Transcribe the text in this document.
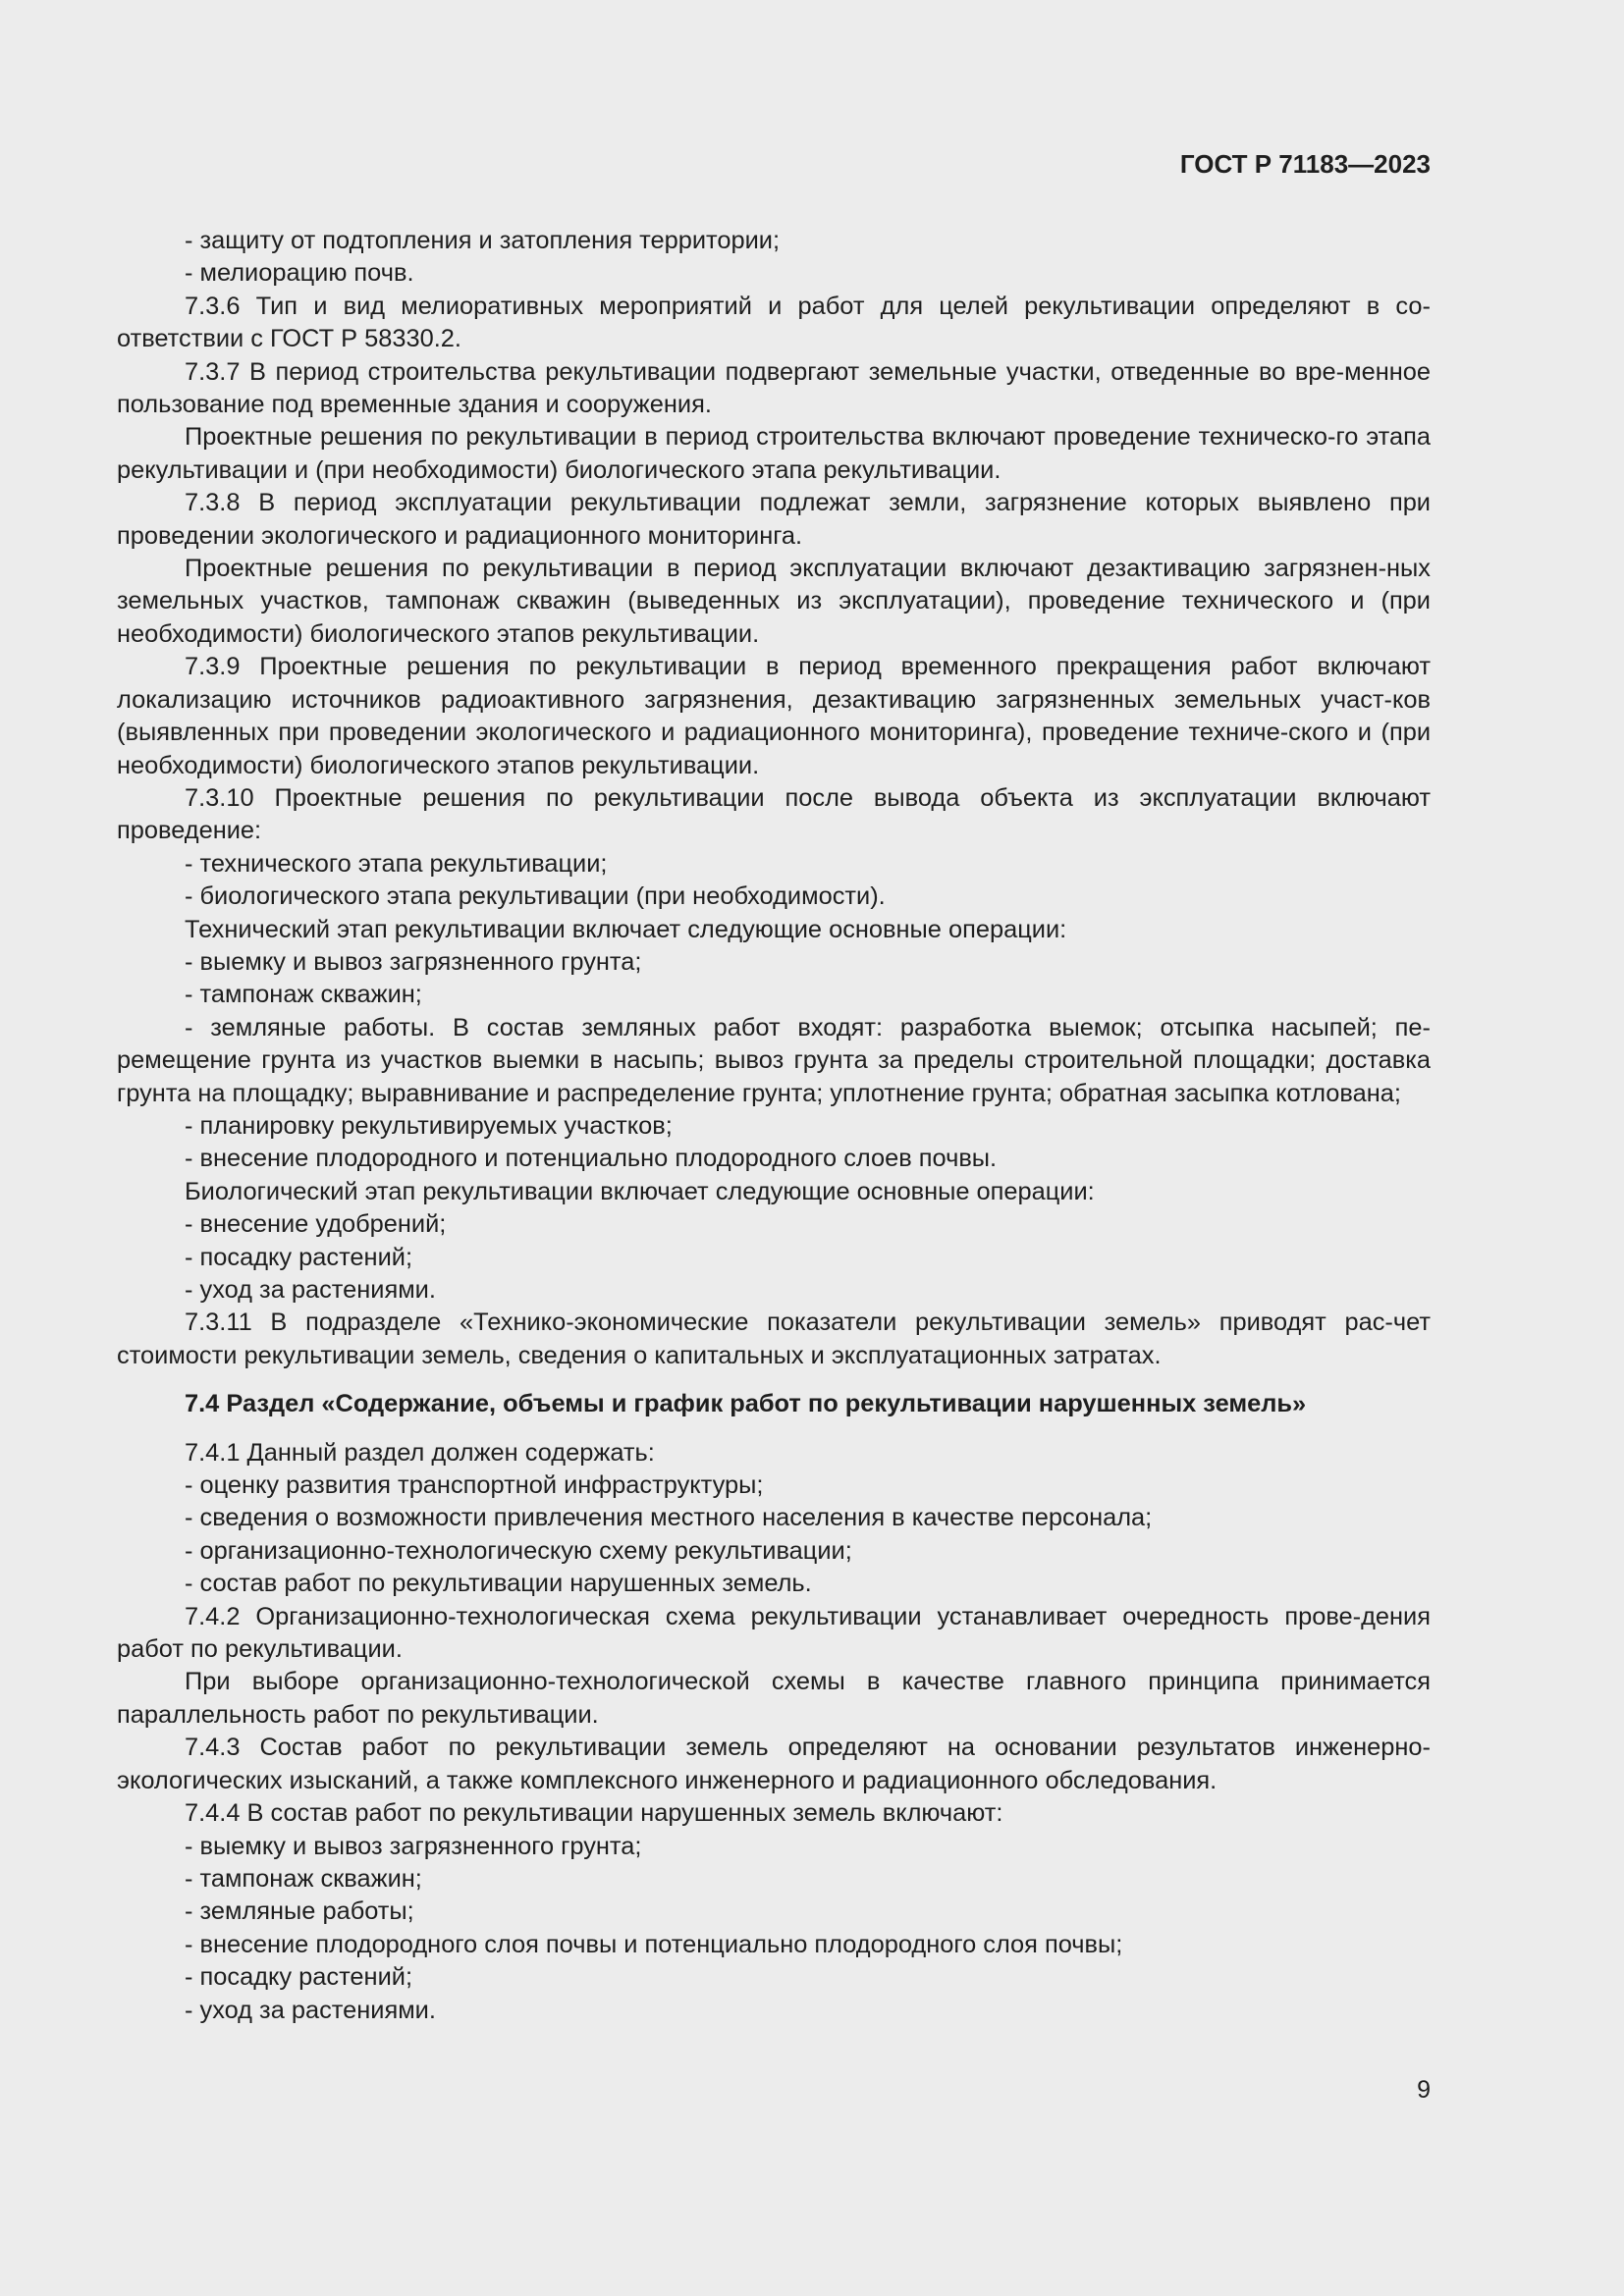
ГОСТ Р 71183—2023

- защиту от подтопления и затопления территории;

- мелиорацию почв.

7.3.6 Тип и вид мелиоративных мероприятий и работ для целей рекультивации определяют в со-ответствии с ГОСТ Р 58330.2.

7.3.7 В период строительства рекультивации подвергают земельные участки, отведенные во вре-менное пользование под временные здания и сооружения.

Проектные решения по рекультивации в период строительства включают проведение техническо-го этапа рекультивации и (при необходимости) биологического этапа рекультивации.

7.3.8 В период эксплуатации рекультивации подлежат земли, загрязнение которых выявлено при проведении экологического и радиационного мониторинга.

Проектные решения по рекультивации в период эксплуатации включают дезактивацию загрязнен-ных земельных участков, тампонаж скважин (выведенных из эксплуатации), проведение технического и (при необходимости) биологического этапов рекультивации.

7.3.9 Проектные решения по рекультивации в период временного прекращения работ включают локализацию источников радиоактивного загрязнения, дезактивацию загрязненных земельных участ-ков (выявленных при проведении экологического и радиационного мониторинга), проведение техниче-ского и (при необходимости) биологического этапов рекультивации.

7.3.10 Проектные решения по рекультивации после вывода объекта из эксплуатации включают проведение:

- технического этапа рекультивации;

- биологического этапа рекультивации (при необходимости).

Технический этап рекультивации включает следующие основные операции:

- выемку и вывоз загрязненного грунта;

- тампонаж скважин;

- земляные работы. В состав земляных работ входят: разработка выемок; отсыпка насыпей; пе-ремещение грунта из участков выемки в насыпь; вывоз грунта за пределы строительной площадки; доставка грунта на площадку; выравнивание и распределение грунта; уплотнение грунта; обратная засыпка котлована;

- планировку рекультивируемых участков;

- внесение плодородного и потенциально плодородного слоев почвы.

Биологический этап рекультивации включает следующие основные операции:

- внесение удобрений;

- посадку растений;

- уход за растениями.

7.3.11 В подразделе «Технико-экономические показатели рекультивации земель» приводят рас-чет стоимости рекультивации земель, сведения о капитальных и эксплуатационных затратах.

7.4 Раздел «Содержание, объемы и график работ по рекультивации нарушенных земель»

7.4.1 Данный раздел должен содержать:

- оценку развития транспортной инфраструктуры;

- сведения о возможности привлечения местного населения в качестве персонала;

- организационно-технологическую схему рекультивации;

- состав работ по рекультивации нарушенных земель.

7.4.2 Организационно-технологическая схема рекультивации устанавливает очередность прове-дения работ по рекультивации.

При выборе организационно-технологической схемы в качестве главного принципа принимается параллельность работ по рекультивации.

7.4.3 Состав работ по рекультивации земель определяют на основании результатов инженерно-экологических изысканий, а также комплексного инженерного и радиационного обследования.

7.4.4 В состав работ по рекультивации нарушенных земель включают:

- выемку и вывоз загрязненного грунта;

- тампонаж скважин;

- земляные работы;

- внесение плодородного слоя почвы и потенциально плодородного слоя почвы;

- посадку растений;

- уход за растениями.

9
